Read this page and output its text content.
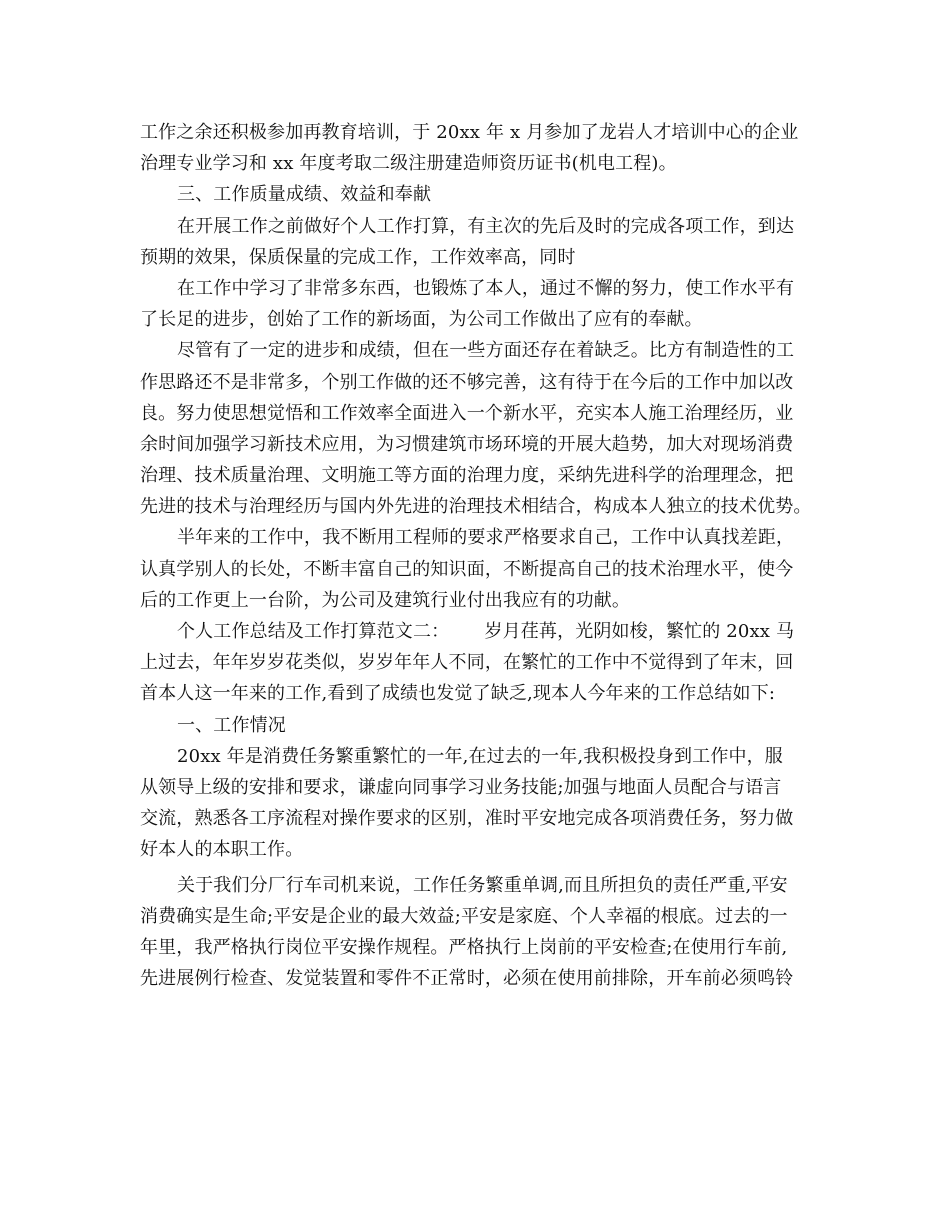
工作之余还积极参加再教育培训，于 20xx 年 x 月参加了龙岩人才培训中心的企业
治理专业学习和 xx 年度考取二级注册建造师资历证书(机电工程)。
三、工作质量成绩、效益和奉献
在开展工作之前做好个人工作打算，有主次的先后及时的完成各项工作，到达
预期的效果，保质保量的完成工作，工作效率高，同时
在工作中学习了非常多东西，也锻炼了本人，通过不懈的努力，使工作水平有
了长足的进步，创始了工作的新场面，为公司工作做出了应有的奉献。
尽管有了一定的进步和成绩，但在一些方面还存在着缺乏。比方有制造性的工
作思路还不是非常多，个别工作做的还不够完善，这有待于在今后的工作中加以改
良。努力使思想觉悟和工作效率全面进入一个新水平，充实本人施工治理经历，业
余时间加强学习新技术应用，为习惯建筑市场环境的开展大趋势，加大对现场消费
治理、技术质量治理、文明施工等方面的治理力度，采纳先进科学的治理理念，把
先进的技术与治理经历与国内外先进的治理技术相结合，构成本人独立的技术优势。
半年来的工作中，我不断用工程师的要求严格要求自己，工作中认真找差距，
认真学别人的长处，不断丰富自己的知识面，不断提高自己的技术治理水平，使今
后的工作更上一台阶，为公司及建筑行业付出我应有的功献。
个人工作总结及工作打算范文二：      岁月荏苒，光阴如梭，繁忙的 20xx 马
上过去，年年岁岁花类似，岁岁年年人不同，在繁忙的工作中不觉得到了年末，回
首本人这一年来的工作,看到了成绩也发觉了缺乏,现本人今年来的工作总结如下:
一、工作情况
20xx 年是消费任务繁重繁忙的一年,在过去的一年,我积极投身到工作中，服
从领导上级的安排和要求，谦虚向同事学习业务技能;加强与地面人员配合与语言
交流，熟悉各工序流程对操作要求的区别，准时平安地完成各项消费任务，努力做
好本人的本职工作。
关于我们分厂行车司机来说，工作任务繁重单调,而且所担负的责任严重,平安
消费确实是生命;平安是企业的最大效益;平安是家庭、个人幸福的根底。过去的一
年里，我严格执行岗位平安操作规程。严格执行上岗前的平安检查;在使用行车前,
先进展例行检查、发觉装置和零件不正常时，必须在使用前排除，开车前必须鸣铃
